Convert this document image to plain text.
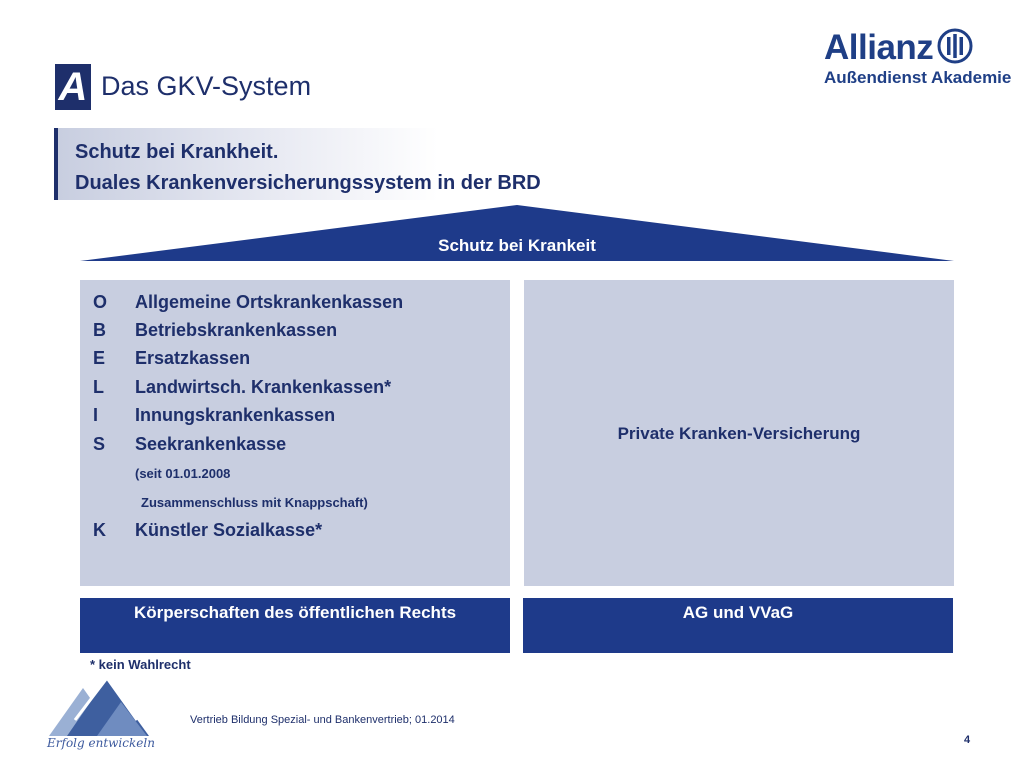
A Das GKV-System
Allianz
Außendienst Akademie
Schutz bei Krankheit.
Duales Krankenversicherungssystem in der BRD
Schutz bei Krankeit
O Allgemeine Ortskrankenkassen
B Betriebskrankenkassen
E Ersatzkassen
L Landwirtsch. Krankenkassen*
I Innungskrankenkassen
S Seekrankenkasse
(seit 01.01.2008
Zusammenschluss mit Knappschaft)
K Künstler Sozialkasse*
Private Kranken-Versicherung
Körperschaften des öffentlichen Rechts	AG und VVaG
* kein Wahlrecht
Erfolg entwickeln
Vertrieb Bildung Spezial- und Bankenvertrieb; 01.2014
4
